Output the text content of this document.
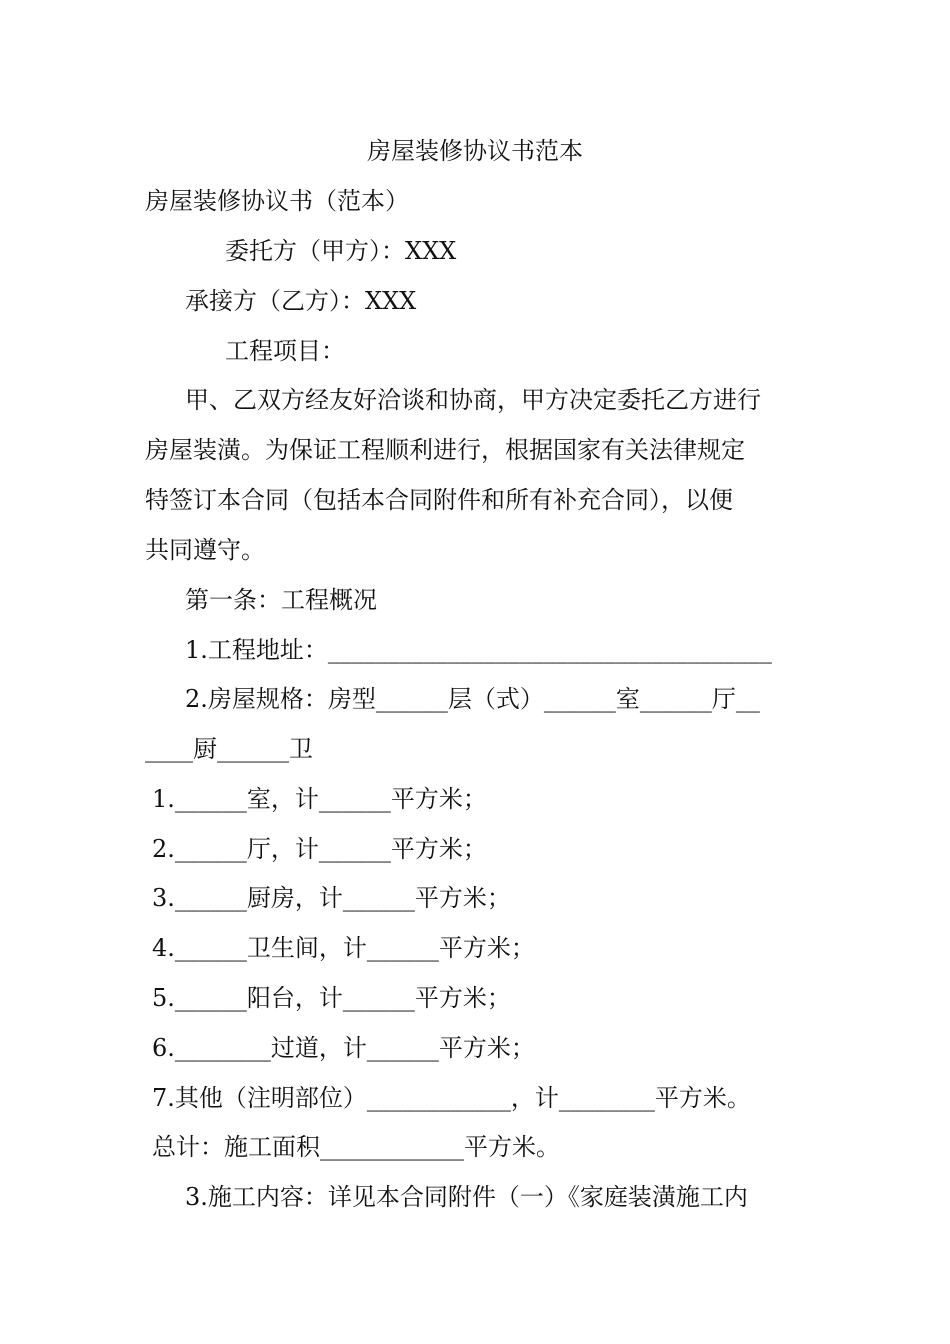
房屋装修协议书范本
房屋装修协议书（范本）
委托方（甲方）：XXX
承接方（乙方）：XXX
工程项目：
甲、乙双方经友好洽谈和协商，甲方决定委托乙方进行
房屋装潢。为保证工程顺利进行，根据国家有关法律规定
特签订本合同（包括本合同附件和所有补充合同），以便
共同遵守。
第一条：工程概况
1.工程地址：_____________________________________
2.房屋规格：房型______层（式）______室______厅__
____厨______卫
1.______室，计______平方米；
2.______厅，计______平方米；
3.______厨房，计______平方米；
4.______卫生间，计______平方米；
5.______阳台，计______平方米；
6.________过道，计______平方米；
7.其他（注明部位）____________，计________平方米。
总计：施工面积____________平方米。
3.施工内容：详见本合同附件（一）《家庭装潢施工内
